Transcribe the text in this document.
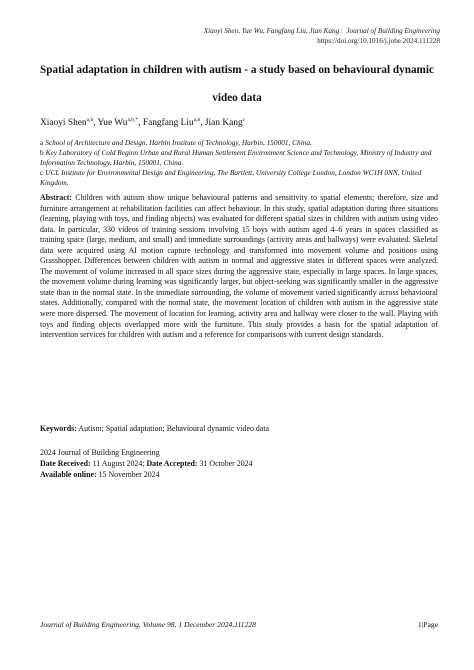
Xiaoyi Shen, Yue Wu, Fangfang Liu, Jian Kang：Journal of Building Engineering
https://doi.org/10.1016/j.jobe.2024.111228
Spatial adaptation in children with autism - a study based on behavioural dynamic video data
Xiaoyi Shen$^{a,b}$, Yue $Wu^{a,b,*}$, Fangfang Liu$^{a,b}$, Jian Kang$^c$
a School of Architecture and Design, Harbin Institute of Technology, Harbin, 150001, China.
b Key Laboratory of Cold Region Urban and Rural Human Settlement Environment Science and Technology, Ministry of Industry and Information Technology, Harbin, 150001, China.
c UCL Institute for Environmental Design and Engineering, The Bartlett, University College London, London WC1H 0NN, United Kingdom.
Abstract: Children with autism show unique behavioural patterns and sensitivity to spatial elements; therefore, size and furniture arrangement at rehabilitation facilities can affect behaviour. In this study, spatial adaptation during three situations (learning, playing with toys, and finding objects) was evaluated for different spatial sizes in children with autism using video data. In particular, 330 videos of training sessions involving 15 boys with autism aged 4–6 years in spaces classified as training space (large, medium, and small) and immediate surroundings (activity areas and hallways) were evaluated. Skeletal data were acquired using AI motion capture technology and transformed into movement volume and positions using Grasshopper. Differences between children with autism in normal and aggressive states in different spaces were analyzed. The movement of volume increased in all space sizes during the aggressive state, especially in large spaces. In large spaces, the movement volume during learning was significantly larger, but object-seeking was significantly smaller in the aggressive state than in the normal state. In the immediate surrounding, the volume of movement varied significantly across behavioural states. Additionally, compared with the normal state, the movement location of children with autism in the aggressive state were more dispersed. The movement of location for learning, activity area and hallway were closer to the wall. Playing with toys and finding objects overlapped more with the furniture. This study provides a basis for the spatial adaptation of intervention services for children with autism and a reference for comparisons with current design standards.
Keywords: Autism; Spatial adaptation; Behavioural dynamic video data
2024 Journal of Building Engineering
Date Received: 11 August 2024; Date Accepted: 31 October 2024
Available online: 15 November 2024
Journal of Building Engineering, Volume 98, 1 December 2024,111228	1|Page
